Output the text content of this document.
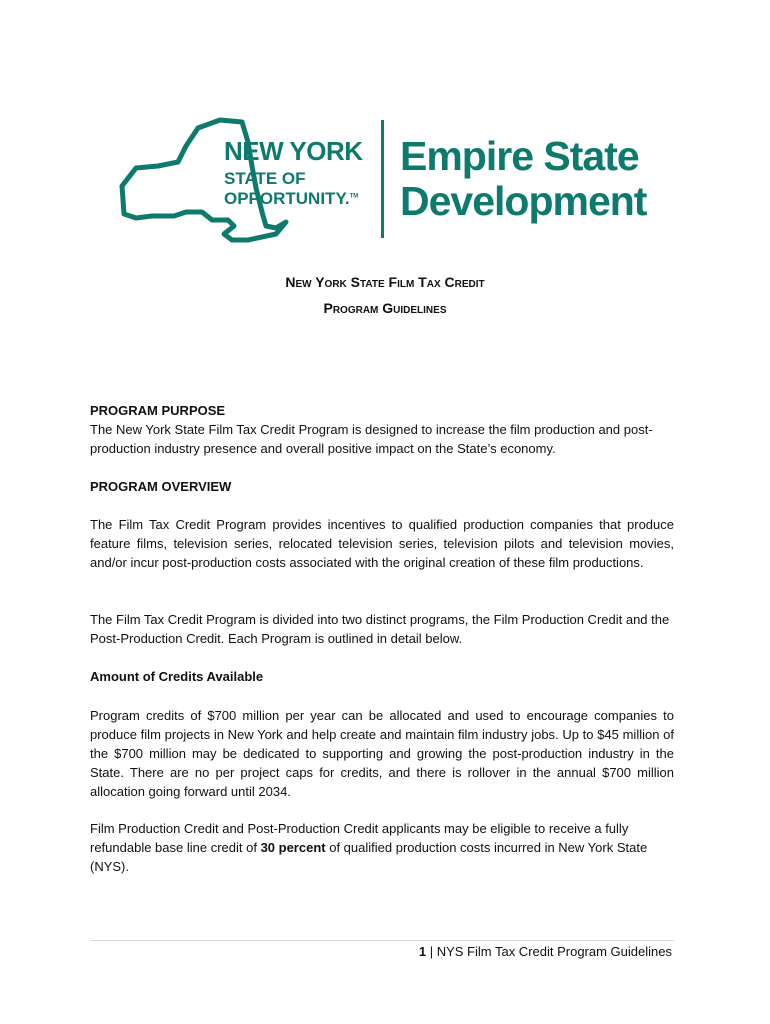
NEW YORK
STATE OF
OPPORTUNITY.™
Empire State
Development
New York State Film Tax Credit
Program Guidelines
PROGRAM PURPOSE
The New York State Film Tax Credit Program is designed to increase the film production and post-production industry presence and overall positive impact on the State’s economy.
PROGRAM OVERVIEW
The Film Tax Credit Program provides incentives to qualified production companies that produce feature films, television series, relocated television series, television pilots and television movies, and/or incur post-production costs associated with the original creation of these film productions.
The Film Tax Credit Program is divided into two distinct programs, the Film Production Credit and the Post-Production Credit. Each Program is outlined in detail below.
Amount of Credits Available
Program credits of $700 million per year can be allocated and used to encourage companies to produce film projects in New York and help create and maintain film industry jobs. Up to $45 million of the $700 million may be dedicated to supporting and growing the post-production industry in the State. There are no per project caps for credits, and there is rollover in the annual $700 million allocation going forward until 2034.
Film Production Credit and Post-Production Credit applicants may be eligible to receive a fully refundable base line credit of 30 percent of qualified production costs incurred in New York State (NYS).
1 | NYS Film Tax Credit Program Guidelines
